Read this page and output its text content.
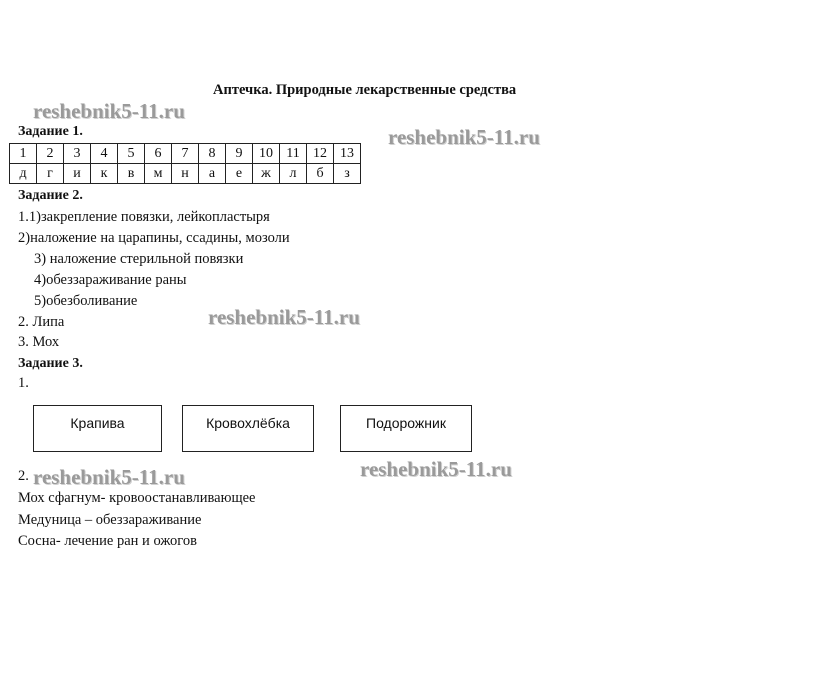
Аптечка. Природные лекарственные средства
Задание 1.
1	2	3	4	5	6	7	8	9	10	11	12	13
д	г	и	к	в	м	н	а	е	ж	л	б	з
Задание 2.
1.1)закрепление повязки, лейкопластыря
2)наложение на царапины, ссадины, мозоли
3) наложение стерильной повязки
4)обеззараживание раны
5)обезболивание
2. Липа
3. Мох
Задание 3.
1.
Крапива	Кровохлёбка	Подорожник
2.
Мох сфагнум- кровоостанавливающее
Медуница – обеззараживание
Сосна- лечение ран и ожогов
reshebnik5-11.ru
reshebnik5-11.ru
reshebnik5-11.ru
reshebnik5-11.ru	reshebnik5-11.ru
